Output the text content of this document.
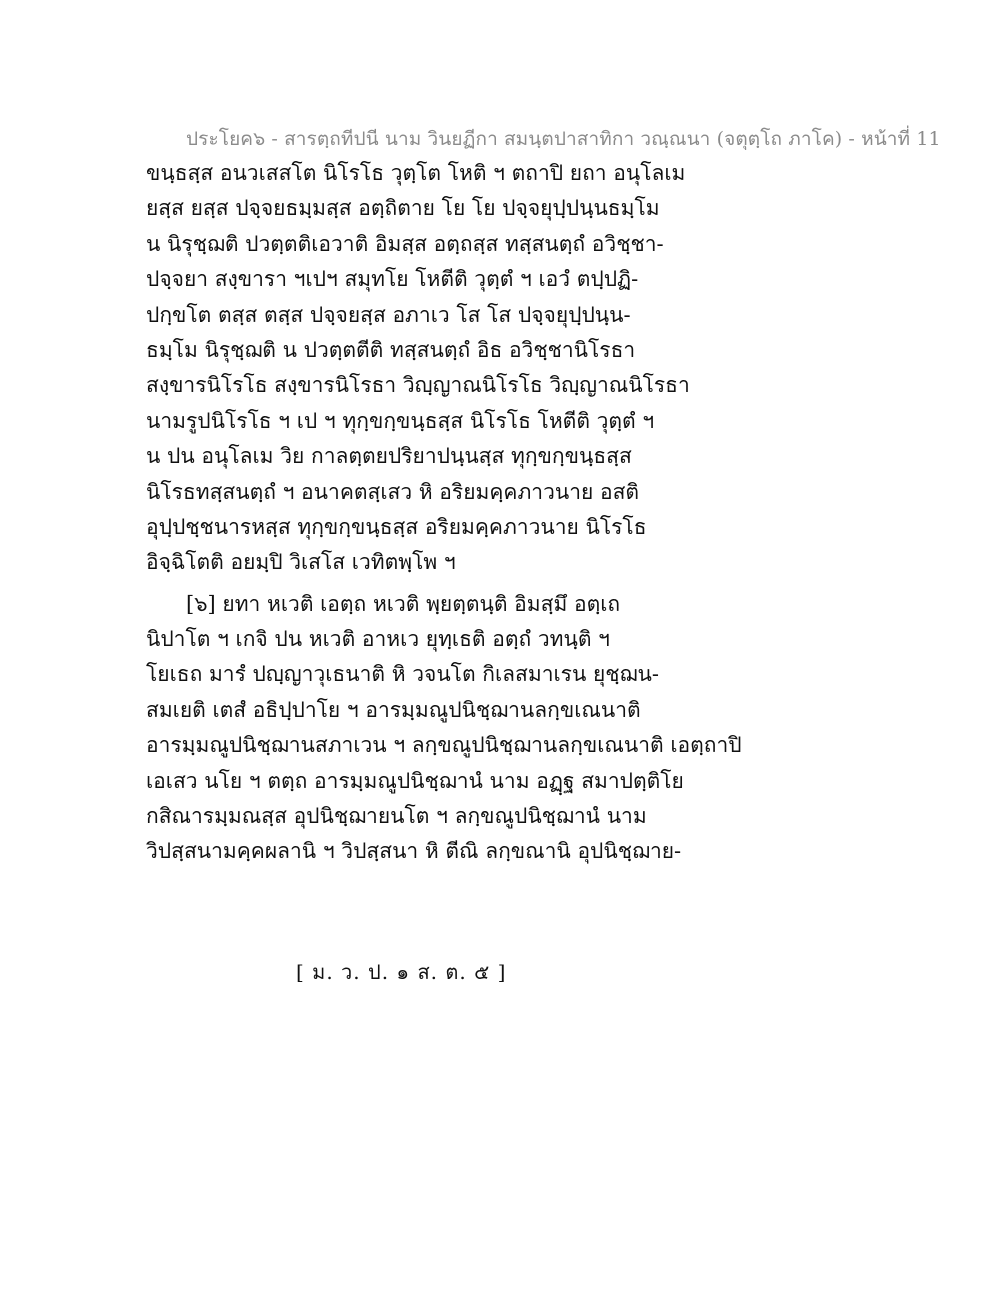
ประโยค๖ - สารตฺถทีปนี นาม วินยฏีกา สมนฺตปาสาทิกา วณฺณนา (จตุตฺโถ ภาโค) - หน้าที่ 11
ขนฺธสฺส อนวเสสโต นิโรโธ วุตฺโต โหติ ฯ ตถาปิ ยถา อนุโลเม
ยสฺส ยสฺส ปจฺจยธมฺมสฺส อตฺถิตาย โย โย ปจฺจยุปฺปนฺนธมฺโม
น นิรุชฺฌติ ปวตฺตติเอวาติ อิมสฺส อตฺถสฺส ทสฺสนตฺถํ อวิชฺชา-
ปจฺจยา สงฺขารา ฯเปฯ สมุทโย โหตีติ วุตฺตํ ฯ เอวํ ตปฺปฏิ-
ปกฺขโต ตสฺส ตสฺส ปจฺจยสฺส อภาเว โส โส ปจฺจยุปฺปนฺน-
ธมฺโม นิรุชฺฌติ น ปวตฺตตีติ ทสฺสนตฺถํ อิธ อวิชฺชานิโรธา
สงฺขารนิโรโธ สงฺขารนิโรธา วิญฺญาณนิโรโธ วิญฺญาณนิโรธา
นามรูปนิโรโธ ฯ เป ฯ ทุกฺขกฺขนฺธสฺส นิโรโธ โหตีติ วุตฺตํ ฯ
น ปน อนุโลเม วิย กาลตฺตยปริยาปนฺนสฺส ทุกฺขกฺขนฺธสฺส
นิโรธทสฺสนตฺถํ ฯ อนาคตสฺเสว หิ อริยมคฺคภาวนาย อสติ
อุปฺปชฺชนารหสฺส ทุกฺขกฺขนฺธสฺส อริยมคฺคภาวนาย นิโรโธ
อิจฺฉิโตติ อยมฺปิ วิเสโส เวทิตพฺโพ ฯ
[๖] ยทา หเวติ เอตฺถ หเวติ พฺยตฺตนฺติ อิมสฺมึ อตฺเถ
นิปาโต ฯ เกจิ ปน หเวติ อาหเว ยุทฺเธติ อตฺถํ วทนฺติ ฯ
โยเธถ มารํ ปญฺญาวุเธนาติ หิ วจนโต กิเลสมาเรน ยุชฺฌน-
สมเยติ เตสํ อธิปฺปาโย ฯ อารมฺมณูปนิชฺฌานลกฺขเณนาติ
อารมฺมณูปนิชฺฌานสภาเวน ฯ ลกฺขณูปนิชฺฌานลกฺขเณนาติ เอตฺถาปิ
เอเสว นโย ฯ ตตฺถ อารมฺมณูปนิชฺฌานํ นาม อฏฺฐ สมาปตฺติโย
กสิณารมฺมณสฺส อุปนิชฺฌายนโต ฯ ลกฺขณูปนิชฺฌานํ นาม
วิปสฺสนามคฺคผลานิ ฯ วิปสฺสนา หิ ตีณิ ลกฺขณานิ อุปนิชฺฌาย-
[ ม. ว. ป. ๑ ส. ต. ๕ ]
